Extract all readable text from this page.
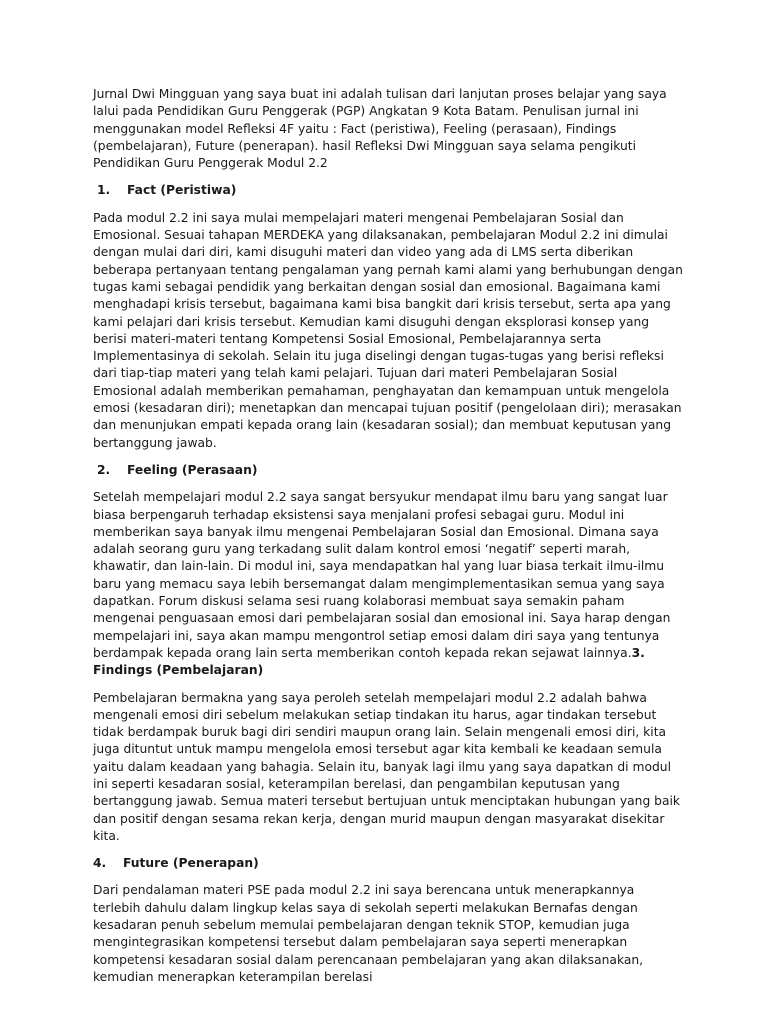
Jurnal Dwi Mingguan yang saya buat ini adalah tulisan dari lanjutan proses belajar yang saya lalui pada Pendidikan Guru Penggerak (PGP) Angkatan 9 Kota Batam. Penulisan jurnal ini menggunakan model Refleksi 4F yaitu : Fact (peristiwa), Feeling (perasaan), Findings (pembelajaran), Future (penerapan). hasil Refleksi Dwi Mingguan saya selama pengikuti Pendidikan Guru Penggerak Modul 2.2

1.	Fact (Peristiwa)

Pada modul 2.2 ini saya mulai mempelajari materi mengenai Pembelajaran Sosial dan Emosional. Sesuai tahapan MERDEKA yang dilaksanakan, pembelajaran Modul 2.2 ini dimulai dengan mulai dari diri, kami disuguhi materi dan video yang ada di LMS serta diberikan beberapa pertanyaan tentang pengalaman yang pernah kami alami yang berhubungan dengan tugas kami sebagai pendidik yang berkaitan dengan sosial dan emosional. Bagaimana kami menghadapi krisis tersebut, bagaimana kami bisa bangkit dari krisis tersebut, serta apa yang kami pelajari dari krisis tersebut. Kemudian kami disuguhi dengan eksplorasi konsep yang berisi materi-materi tentang Kompetensi Sosial Emosional, Pembelajarannya serta Implementasinya di sekolah. Selain itu juga diselingi dengan tugas-tugas yang berisi refleksi dari tiap-tiap materi yang telah kami pelajari. Tujuan dari materi Pembelajaran Sosial Emosional adalah memberikan pemahaman, penghayatan dan kemampuan untuk mengelola emosi (kesadaran diri); menetapkan dan mencapai tujuan positif (pengelolaan diri); merasakan dan menunjukan empati kepada orang lain (kesadaran sosial); dan membuat keputusan yang bertanggung jawab.

2.	Feeling (Perasaan)

Setelah mempelajari modul 2.2 saya sangat bersyukur mendapat ilmu baru yang sangat luar biasa berpengaruh terhadap eksistensi saya menjalani profesi sebagai guru. Modul ini memberikan saya banyak ilmu mengenai Pembelajaran Sosial dan Emosional. Dimana saya adalah seorang guru yang terkadang sulit dalam kontrol emosi ‘negatif’ seperti marah, khawatir, dan lain-lain. Di modul ini, saya mendapatkan hal yang luar biasa terkait ilmu-ilmu baru yang memacu saya lebih bersemangat dalam mengimplementasikan semua yang saya dapatkan. Forum diskusi selama sesi ruang kolaborasi membuat saya semakin paham mengenai penguasaan emosi dari pembelajaran sosial dan emosional ini. Saya harap dengan mempelajari ini, saya akan mampu mengontrol setiap emosi dalam diri saya yang tentunya berdampak kepada orang lain serta memberikan contoh kepada rekan sejawat lainnya.3.Findings (Pembelajaran)

Pembelajaran bermakna yang saya peroleh setelah mempelajari modul 2.2 adalah bahwa mengenali emosi diri sebelum melakukan setiap tindakan itu harus, agar tindakan tersebut tidak berdampak buruk bagi diri sendiri maupun orang lain. Selain mengenali emosi diri, kita juga dituntut untuk mampu mengelola emosi tersebut agar kita kembali ke keadaan semula yaitu dalam keadaan yang bahagia. Selain itu, banyak lagi ilmu yang saya dapatkan di modul ini seperti kesadaran sosial, keterampilan berelasi, dan pengambilan keputusan yang bertanggung jawab. Semua materi tersebut bertujuan untuk menciptakan hubungan yang baik dan positif dengan sesama rekan kerja, dengan murid maupun dengan masyarakat disekitar kita.

4.	Future (Penerapan)

Dari pendalaman materi PSE pada modul 2.2 ini saya berencana untuk menerapkannya terlebih dahulu dalam lingkup kelas saya di sekolah seperti melakukan Bernafas dengan kesadaran penuh sebelum memulai pembelajaran dengan teknik STOP, kemudian juga mengintegrasikan kompetensi tersebut dalam pembelajaran saya seperti menerapkan kompetensi kesadaran sosial dalam perencanaan pembelajaran yang akan dilaksanakan, kemudian menerapkan keterampilan berelasi
